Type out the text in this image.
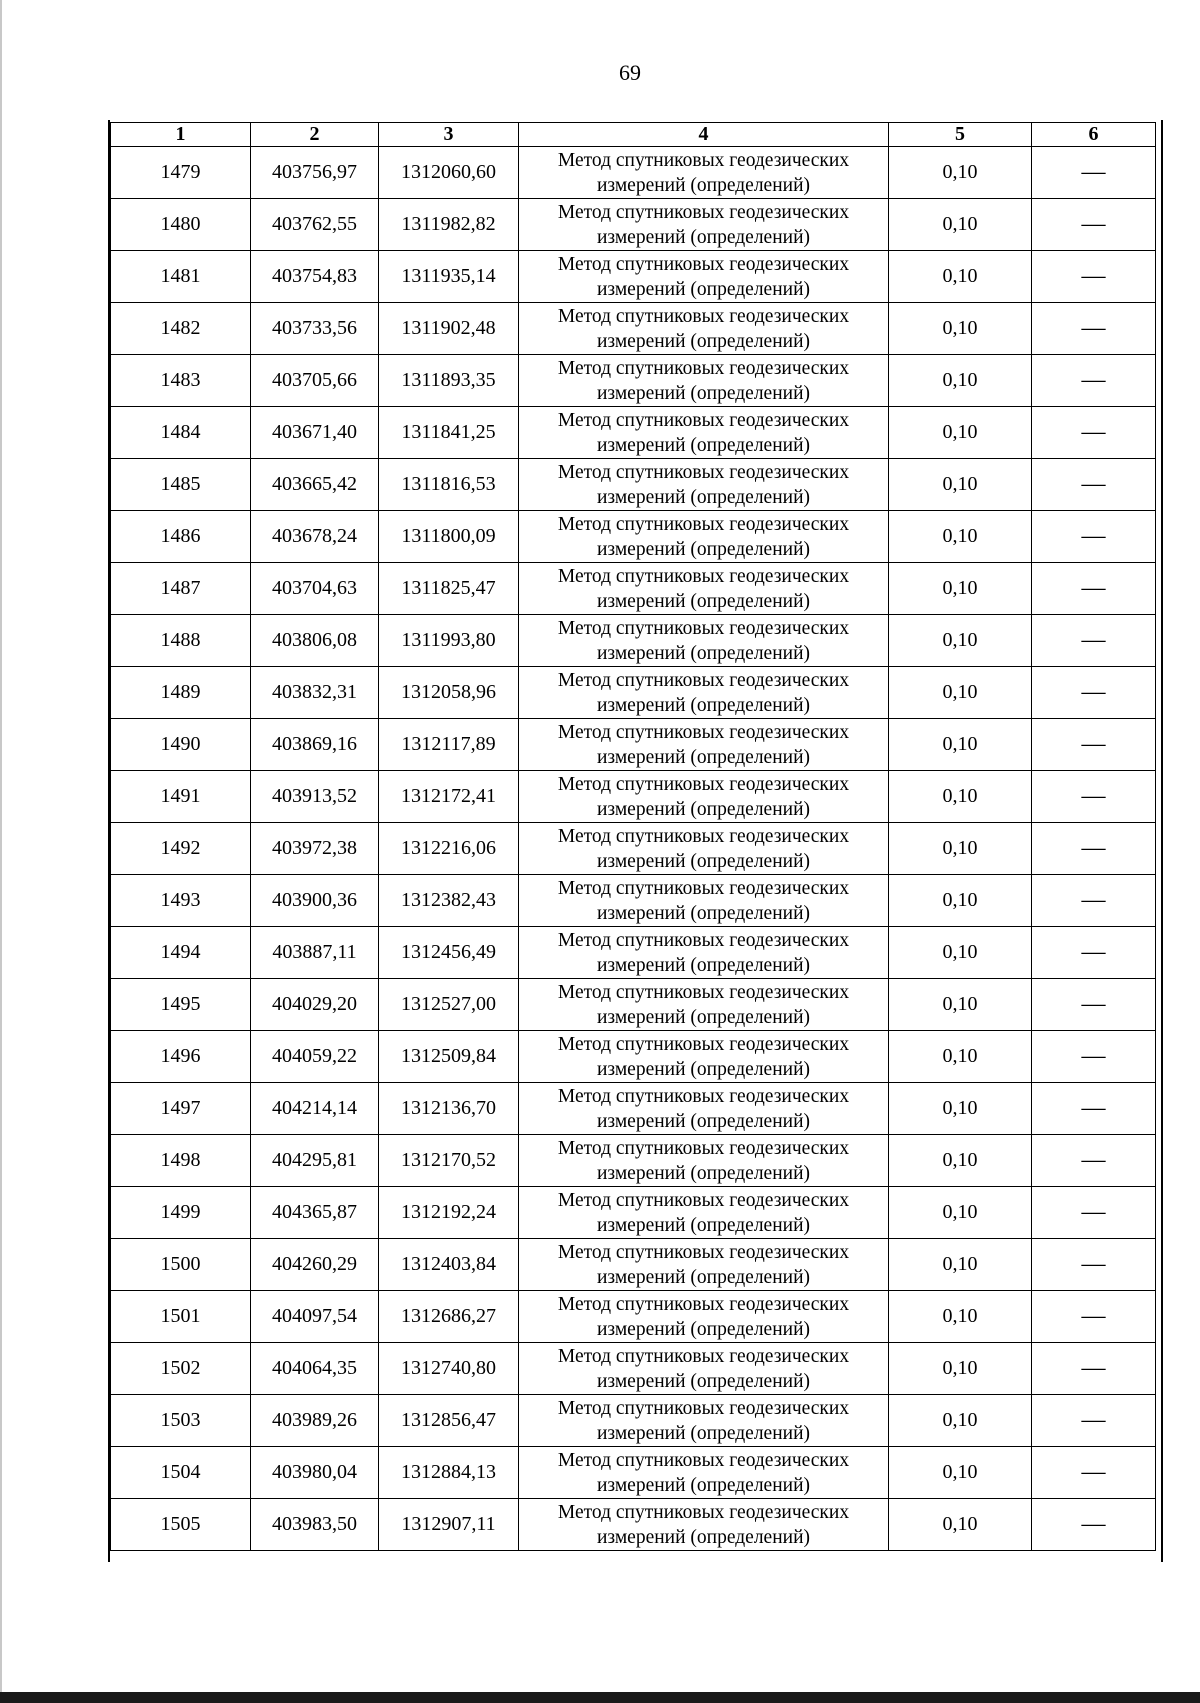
69
1	2	3	4	5	6
1479	403756,97	1312060,60	Метод спутниковых геодезических измерений (определений)	0,10	—
1480	403762,55	1311982,82	Метод спутниковых геодезических измерений (определений)	0,10	—
1481	403754,83	1311935,14	Метод спутниковых геодезических измерений (определений)	0,10	—
1482	403733,56	1311902,48	Метод спутниковых геодезических измерений (определений)	0,10	—
1483	403705,66	1311893,35	Метод спутниковых геодезических измерений (определений)	0,10	—
1484	403671,40	1311841,25	Метод спутниковых геодезических измерений (определений)	0,10	—
1485	403665,42	1311816,53	Метод спутниковых геодезических измерений (определений)	0,10	—
1486	403678,24	1311800,09	Метод спутниковых геодезических измерений (определений)	0,10	—
1487	403704,63	1311825,47	Метод спутниковых геодезических измерений (определений)	0,10	—
1488	403806,08	1311993,80	Метод спутниковых геодезических измерений (определений)	0,10	—
1489	403832,31	1312058,96	Метод спутниковых геодезических измерений (определений)	0,10	—
1490	403869,16	1312117,89	Метод спутниковых геодезических измерений (определений)	0,10	—
1491	403913,52	1312172,41	Метод спутниковых геодезических измерений (определений)	0,10	—
1492	403972,38	1312216,06	Метод спутниковых геодезических измерений (определений)	0,10	—
1493	403900,36	1312382,43	Метод спутниковых геодезических измерений (определений)	0,10	—
1494	403887,11	1312456,49	Метод спутниковых геодезических измерений (определений)	0,10	—
1495	404029,20	1312527,00	Метод спутниковых геодезических измерений (определений)	0,10	—
1496	404059,22	1312509,84	Метод спутниковых геодезических измерений (определений)	0,10	—
1497	404214,14	1312136,70	Метод спутниковых геодезических измерений (определений)	0,10	—
1498	404295,81	1312170,52	Метод спутниковых геодезических измерений (определений)	0,10	—
1499	404365,87	1312192,24	Метод спутниковых геодезических измерений (определений)	0,10	—
1500	404260,29	1312403,84	Метод спутниковых геодезических измерений (определений)	0,10	—
1501	404097,54	1312686,27	Метод спутниковых геодезических измерений (определений)	0,10	—
1502	404064,35	1312740,80	Метод спутниковых геодезических измерений (определений)	0,10	—
1503	403989,26	1312856,47	Метод спутниковых геодезических измерений (определений)	0,10	—
1504	403980,04	1312884,13	Метод спутниковых геодезических измерений (определений)	0,10	—
1505	403983,50	1312907,11	Метод спутниковых геодезических измерений (определений)	0,10	—
